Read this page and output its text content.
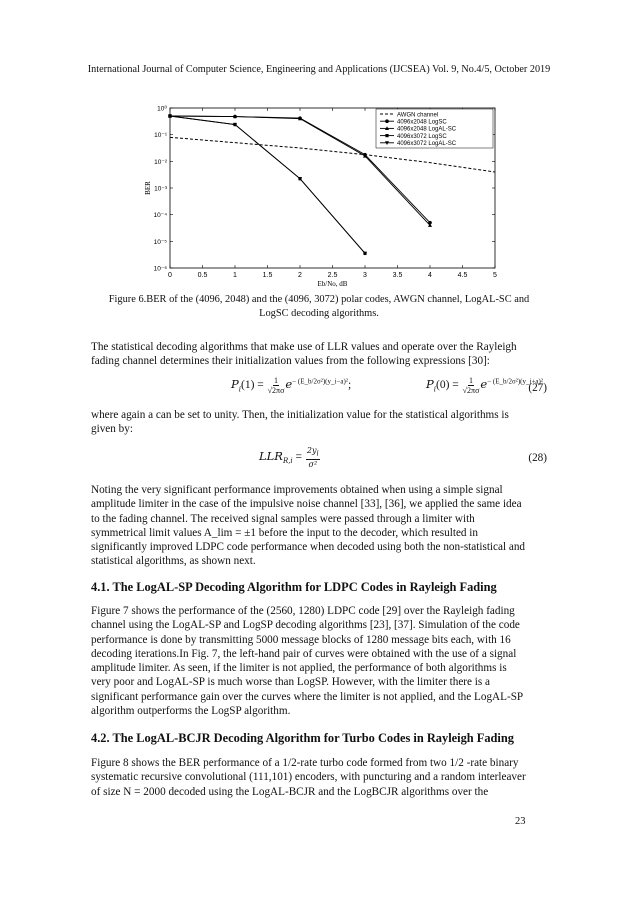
International Journal of Computer Science, Engineering and Applications (IJCSEA) Vol. 9, No.4/5, October 2019
0	0.5	1	1.5	2	2.5	3	3.5	4	4.5	5
10⁰
10⁻¹
10⁻²
10⁻³
10⁻⁴
10⁻⁵
10⁻⁶
Eb/No, dB
BER
AWGN channel
4096x2048 LogSC
4096x2048 LogAL-SC
4096x3072 LogSC
4096x3072 LogAL-SC
Figure 6.BER of the (4096, 2048) and the (4096, 3072) polar codes, AWGN channel, LogAL-SC and
LogSC decoding algorithms.
The statistical decoding algorithms that make use of LLR values and operate over the Rayleigh
fading channel determines their initialization values from the following expressions [30]:
$P_i(1) = \frac{1}{√2\pi\sigma} e^{- (E\_b/2\sigma^2)(y\_i-a)^2}$;	$P_i(0) = \frac{1}{√2\pi\sigma} e^{- (E\_b/2\sigma^2)(y\_i+a)^2}$
(27)
where again a can be set to unity. Then, the initialization value for the statistical algorithms is
given by:
$LLR_{R,i} = \frac{2y_i}{\text{σ²}}$	(28)
Noting the very significant performance improvements obtained when using a simple signal
amplitude limiter in the case of the impulsive noise channel [33], [36], we applied the same idea
to the fading channel. The received signal samples were passed through a limiter with
symmetrical limit values A_lim = ±1 before the input to the decoder, which resulted in
significantly improved LDPC code performance when decoded using both the non-statistical and
statistical algorithms, as shown next.
4.1. The LogAL-SP Decoding Algorithm for LDPC Codes in Rayleigh Fading
Figure 7 shows the performance of the (2560, 1280) LDPC code [29] over the Rayleigh fading
channel using the LogAL-SP and LogSP decoding algorithms [23], [37]. Simulation of the code
performance is done by transmitting 5000 message blocks of 1280 message bits each, with 16
decoding iterations.In Fig. 7, the left-hand pair of curves were obtained with the use of a signal
amplitude limiter. As seen, if the limiter is not applied, the performance of both algorithms is
very poor and LogAL-SP is much worse than LogSP. However, with the limiter there is a
significant performance gain over the curves where the limiter is not applied, and the LogAL-SP
algorithm outperforms the LogSP algorithm.
4.2. The LogAL-BCJR Decoding Algorithm for Turbo Codes in Rayleigh Fading
Figure 8 shows the BER performance of a 1/2-rate turbo code formed from two 1/2 -rate binary
systematic recursive convolutional (111,101) encoders, with puncturing and a random interleaver
of size N = 2000 decoded using the LogAL-BCJR and the LogBCJR algorithms over the
23
